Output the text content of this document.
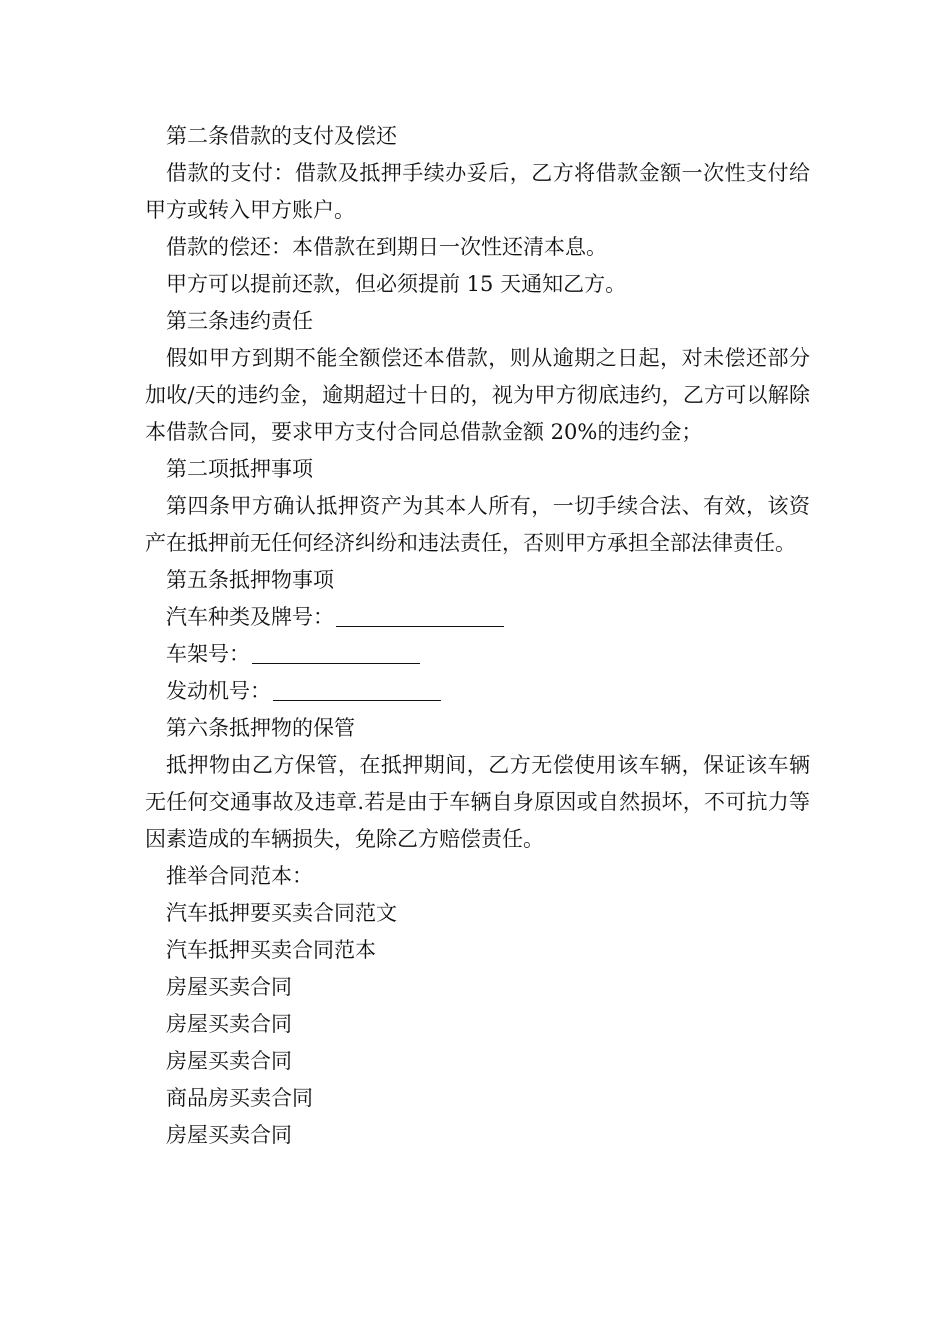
第二条借款的支付及偿还

借款的支付：借款及抵押手续办妥后，乙方将借款金额一次性支付给甲方或转入甲方账户。

借款的偿还：本借款在到期日一次性还清本息。

甲方可以提前还款，但必须提前 15 天通知乙方。

第三条违约责任

假如甲方到期不能全额偿还本借款，则从逾期之日起，对未偿还部分加收/天的违约金，逾期超过十日的，视为甲方彻底违约，乙方可以解除本借款合同，要求甲方支付合同总借款金额 20%的违约金；

第二项抵押事项

第四条甲方确认抵押资产为其本人所有，一切手续合法、有效，该资产在抵押前无任何经济纠纷和违法责任，否则甲方承担全部法律责任。

第五条抵押物事项

汽车种类及牌号：

车架号：

发动机号：

第六条抵押物的保管

抵押物由乙方保管，在抵押期间，乙方无偿使用该车辆，保证该车辆无任何交通事故及违章.若是由于车辆自身原因或自然损坏，不可抗力等因素造成的车辆损失，免除乙方赔偿责任。

推举合同范本：

汽车抵押要买卖合同范文

汽车抵押买卖合同范本

房屋买卖合同

房屋买卖合同

房屋买卖合同

商品房买卖合同

房屋买卖合同
